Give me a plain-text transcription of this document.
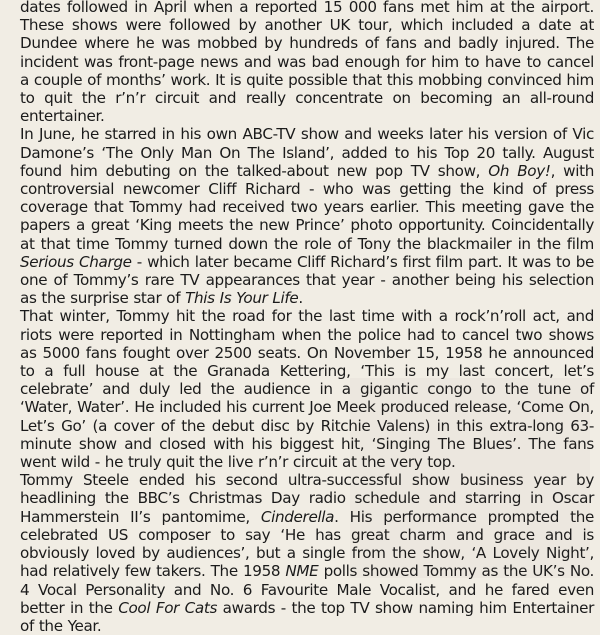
dates followed in April when a reported 15 000 fans met him at the airport. These shows were followed by another UK tour, which included a date at Dundee where he was mobbed by hundreds of fans and badly injured. The incident was front-page news and was bad enough for him to have to cancel a couple of months’ work. It is quite possible that this mobbing convinced him to quit the r’n’r circuit and really concentrate on becoming an all-round entertainer.

In June, he starred in his own ABC-TV show and weeks later his version of Vic Damone’s ‘The Only Man On The Island’, added to his Top 20 tally. August found him debuting on the talked-about new pop TV show, Oh Boy!, with controversial newcomer Cliff Richard - who was getting the kind of press coverage that Tommy had received two years earlier. This meeting gave the papers a great ‘King meets the new Prince’ photo opportunity. Coincidentally at that time Tommy turned down the role of Tony the blackmailer in the film Serious Charge - which later became Cliff Richard’s first film part. It was to be one of Tommy’s rare TV appearances that year - another being his selection as the surprise star of This Is Your Life.

That winter, Tommy hit the road for the last time with a rock’n’roll act, and riots were reported in Nottingham when the police had to cancel two shows as 5000 fans fought over 2500 seats. On November 15, 1958 he announced to a full house at the Granada Kettering, ‘This is my last concert, let’s celebrate’ and duly led the audience in a gigantic congo to the tune of ‘Water, Water’. He included his current Joe Meek produced release, ‘Come On, Let’s Go’ (a cover of the debut disc by Ritchie Valens) in this extra-long 63-minute show and closed with his biggest hit, ‘Singing The Blues’. The fans went wild - he truly quit the live r’n’r circuit at the very top.

Tommy Steele ended his second ultra-successful show business year by headlining the BBC’s Christmas Day radio schedule and starring in Oscar Hammerstein II’s pantomime, Cinderella. His performance prompted the celebrated US composer to say ‘He has great charm and grace and is obviously loved by audiences’, but a single from the show, ‘A Lovely Night’, had relatively few takers. The 1958 NME polls showed Tommy as the UK’s No. 4 Vocal Personality and No. 6 Favourite Male Vocalist, and he fared even better in the Cool For Cats awards - the top TV show naming him Entertainer of the Year.
